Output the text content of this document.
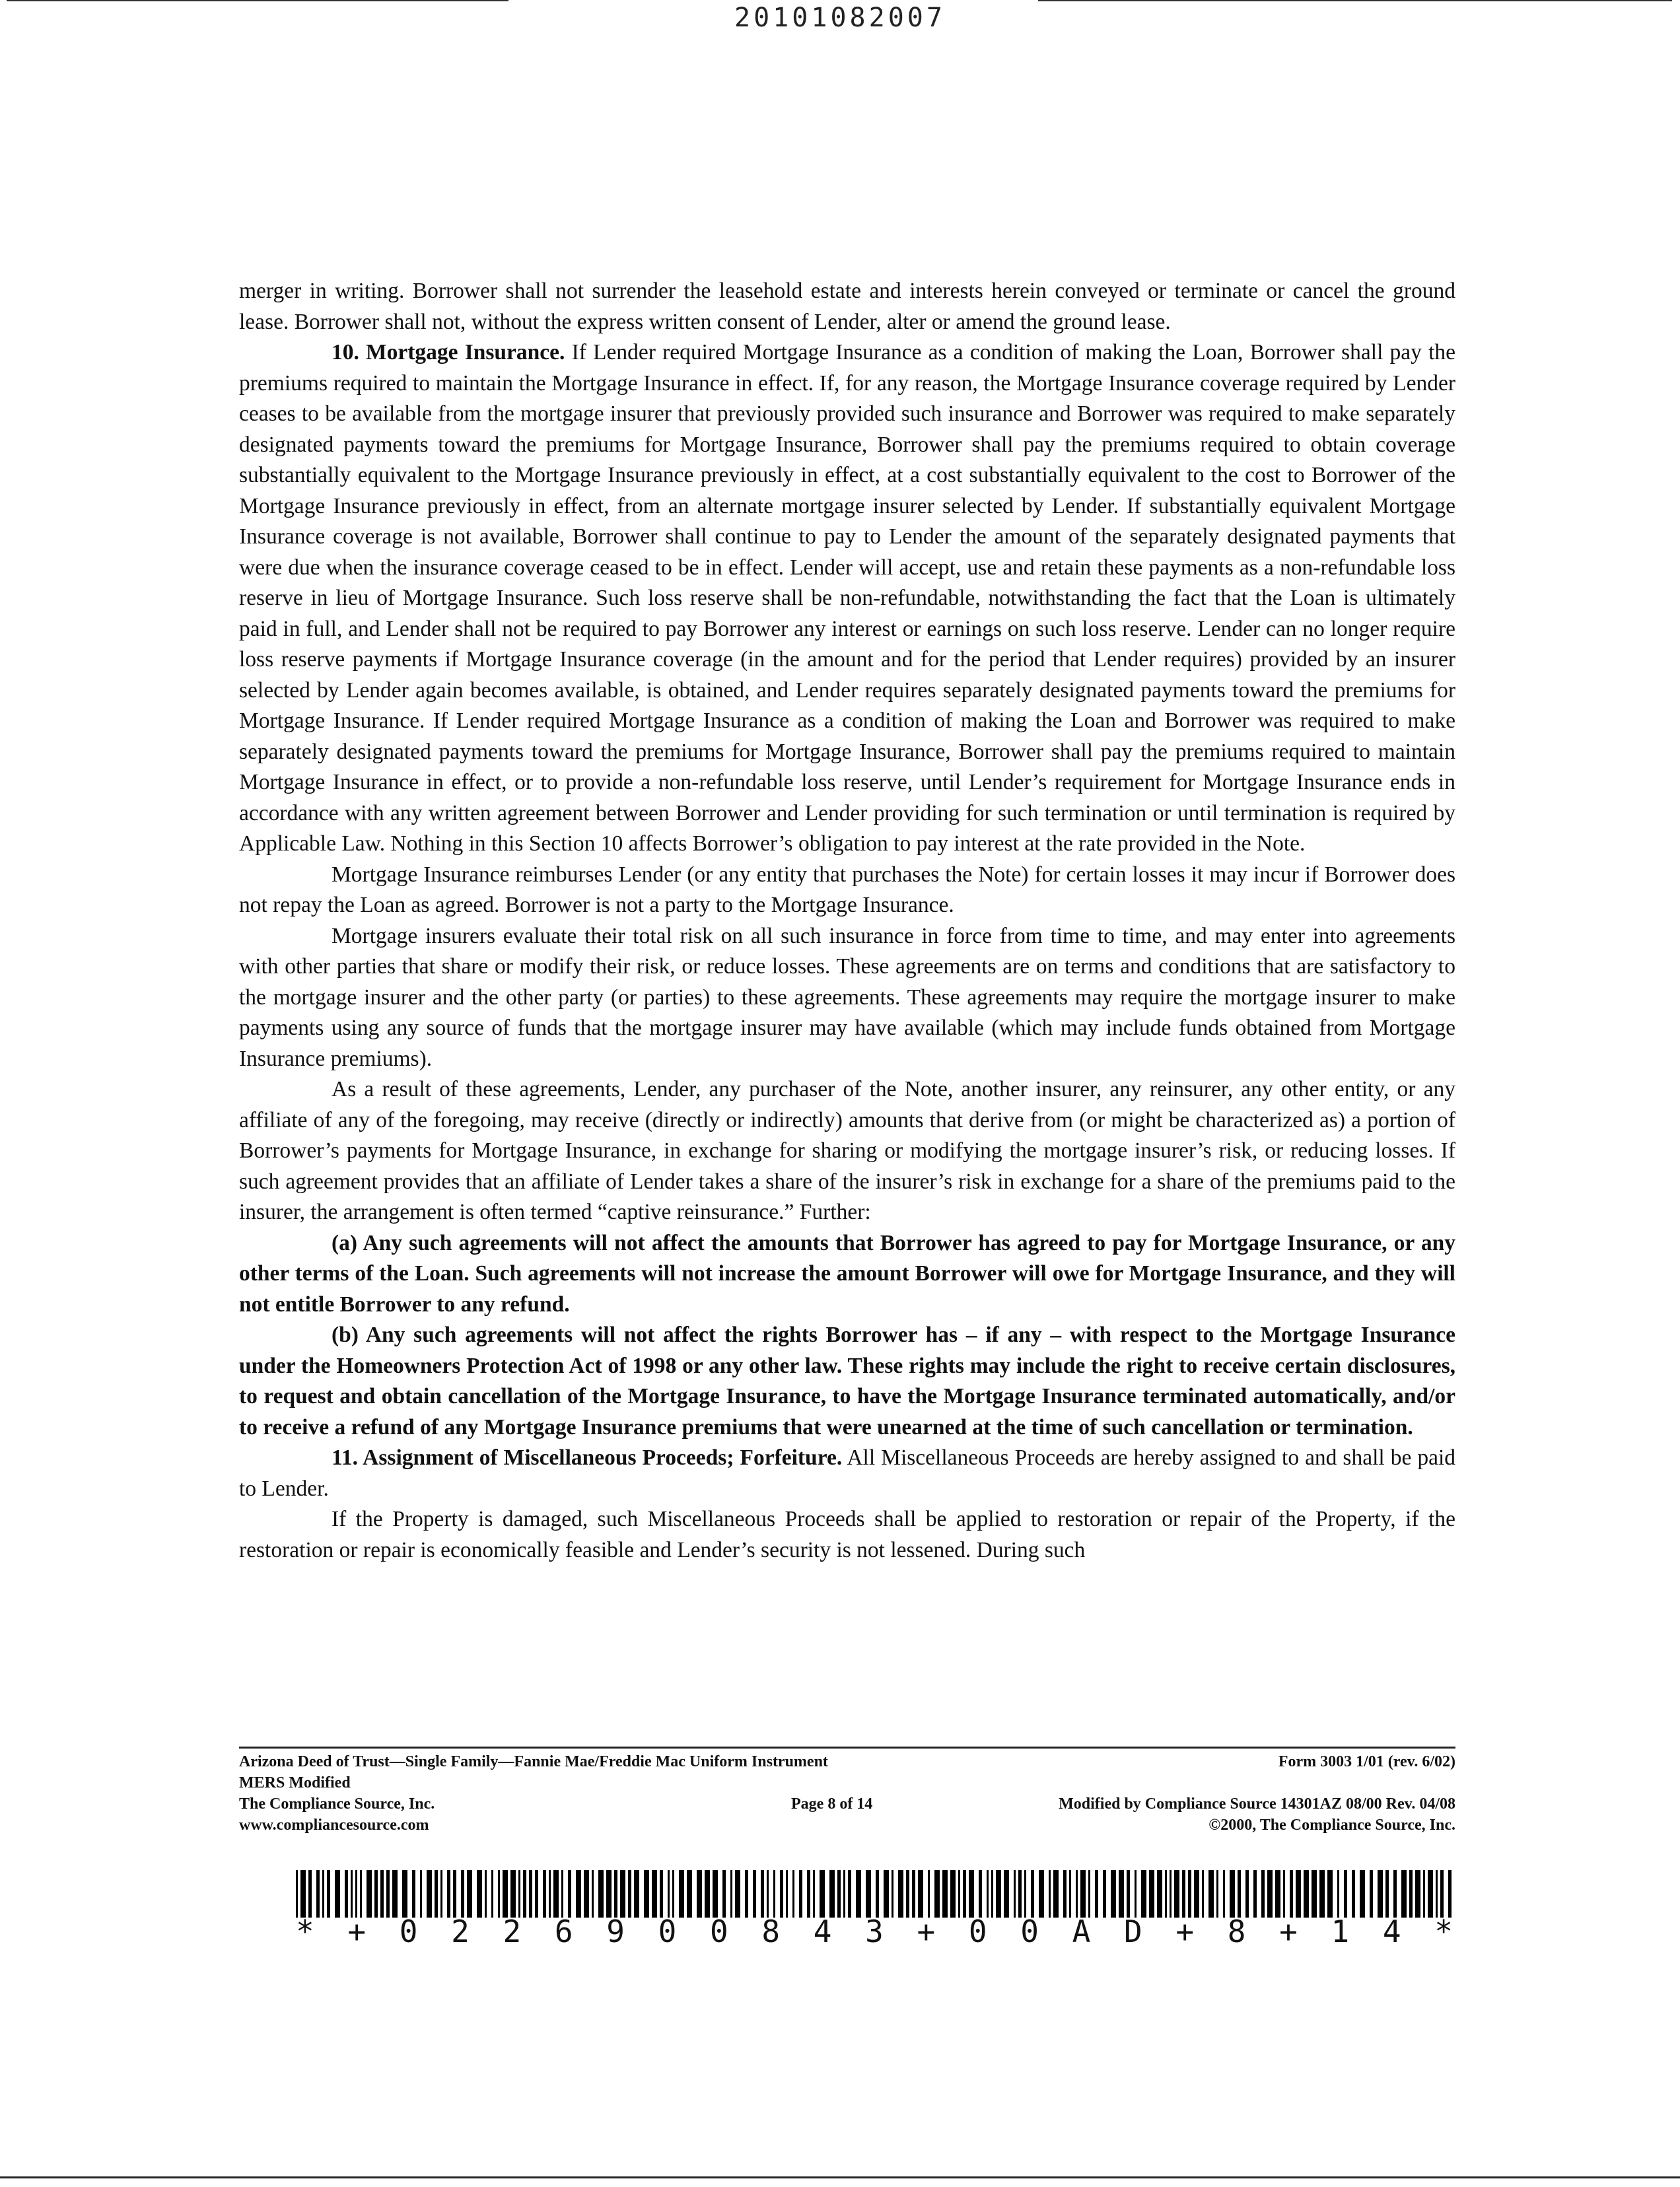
20101082007

merger in writing. Borrower shall not surrender the leasehold estate and interests herein conveyed or terminate or cancel the ground lease. Borrower shall not, without the express written consent of Lender, alter or amend the ground lease.

10. Mortgage Insurance. If Lender required Mortgage Insurance as a condition of making the Loan, Borrower shall pay the premiums required to maintain the Mortgage Insurance in effect. If, for any reason, the Mortgage Insurance coverage required by Lender ceases to be available from the mortgage insurer that previously provided such insurance and Borrower was required to make separately designated payments toward the premiums for Mortgage Insurance, Borrower shall pay the premiums required to obtain coverage substantially equivalent to the Mortgage Insurance previously in effect, at a cost substantially equivalent to the cost to Borrower of the Mortgage Insurance previously in effect, from an alternate mortgage insurer selected by Lender. If substantially equivalent Mortgage Insurance coverage is not available, Borrower shall continue to pay to Lender the amount of the separately designated payments that were due when the insurance coverage ceased to be in effect. Lender will accept, use and retain these payments as a non-refundable loss reserve in lieu of Mortgage Insurance. Such loss reserve shall be non-refundable, notwithstanding the fact that the Loan is ultimately paid in full, and Lender shall not be required to pay Borrower any interest or earnings on such loss reserve. Lender can no longer require loss reserve payments if Mortgage Insurance coverage (in the amount and for the period that Lender requires) provided by an insurer selected by Lender again becomes available, is obtained, and Lender requires separately designated payments toward the premiums for Mortgage Insurance. If Lender required Mortgage Insurance as a condition of making the Loan and Borrower was required to make separately designated payments toward the premiums for Mortgage Insurance, Borrower shall pay the premiums required to maintain Mortgage Insurance in effect, or to provide a non-refundable loss reserve, until Lender’s requirement for Mortgage Insurance ends in accordance with any written agreement between Borrower and Lender providing for such termination or until termination is required by Applicable Law. Nothing in this Section 10 affects Borrower’s obligation to pay interest at the rate provided in the Note.

Mortgage Insurance reimburses Lender (or any entity that purchases the Note) for certain losses it may incur if Borrower does not repay the Loan as agreed. Borrower is not a party to the Mortgage Insurance.

Mortgage insurers evaluate their total risk on all such insurance in force from time to time, and may enter into agreements with other parties that share or modify their risk, or reduce losses. These agreements are on terms and conditions that are satisfactory to the mortgage insurer and the other party (or parties) to these agreements. These agreements may require the mortgage insurer to make payments using any source of funds that the mortgage insurer may have available (which may include funds obtained from Mortgage Insurance premiums).

As a result of these agreements, Lender, any purchaser of the Note, another insurer, any reinsurer, any other entity, or any affiliate of any of the foregoing, may receive (directly or indirectly) amounts that derive from (or might be characterized as) a portion of Borrower’s payments for Mortgage Insurance, in exchange for sharing or modifying the mortgage insurer’s risk, or reducing losses. If such agreement provides that an affiliate of Lender takes a share of the insurer’s risk in exchange for a share of the premiums paid to the insurer, the arrangement is often termed “captive reinsurance.” Further:

(a) Any such agreements will not affect the amounts that Borrower has agreed to pay for Mortgage Insurance, or any other terms of the Loan. Such agreements will not increase the amount Borrower will owe for Mortgage Insurance, and they will not entitle Borrower to any refund.

(b) Any such agreements will not affect the rights Borrower has – if any – with respect to the Mortgage Insurance under the Homeowners Protection Act of 1998 or any other law. These rights may include the right to receive certain disclosures, to request and obtain cancellation of the Mortgage Insurance, to have the Mortgage Insurance terminated automatically, and/or to receive a refund of any Mortgage Insurance premiums that were unearned at the time of such cancellation or termination.

11. Assignment of Miscellaneous Proceeds; Forfeiture. All Miscellaneous Proceeds are hereby assigned to and shall be paid to Lender.

If the Property is damaged, such Miscellaneous Proceeds shall be applied to restoration or repair of the Property, if the restoration or repair is economically feasible and Lender’s security is not lessened. During such

Arizona Deed of Trust—Single Family—Fannie Mae/Freddie Mac Uniform Instrument	Form 3003 1/01 (rev. 6/02)
MERS Modified
The Compliance Source, Inc.	Page 8 of 14	Modified by Compliance Source 14301AZ 08/00 Rev. 04/08
www.compliancesource.com	©2000, The Compliance Source, Inc.
* + 0 2 2 6 9 0 0 8 4 3 + 0 0 A D + 8 + 1 4 *
